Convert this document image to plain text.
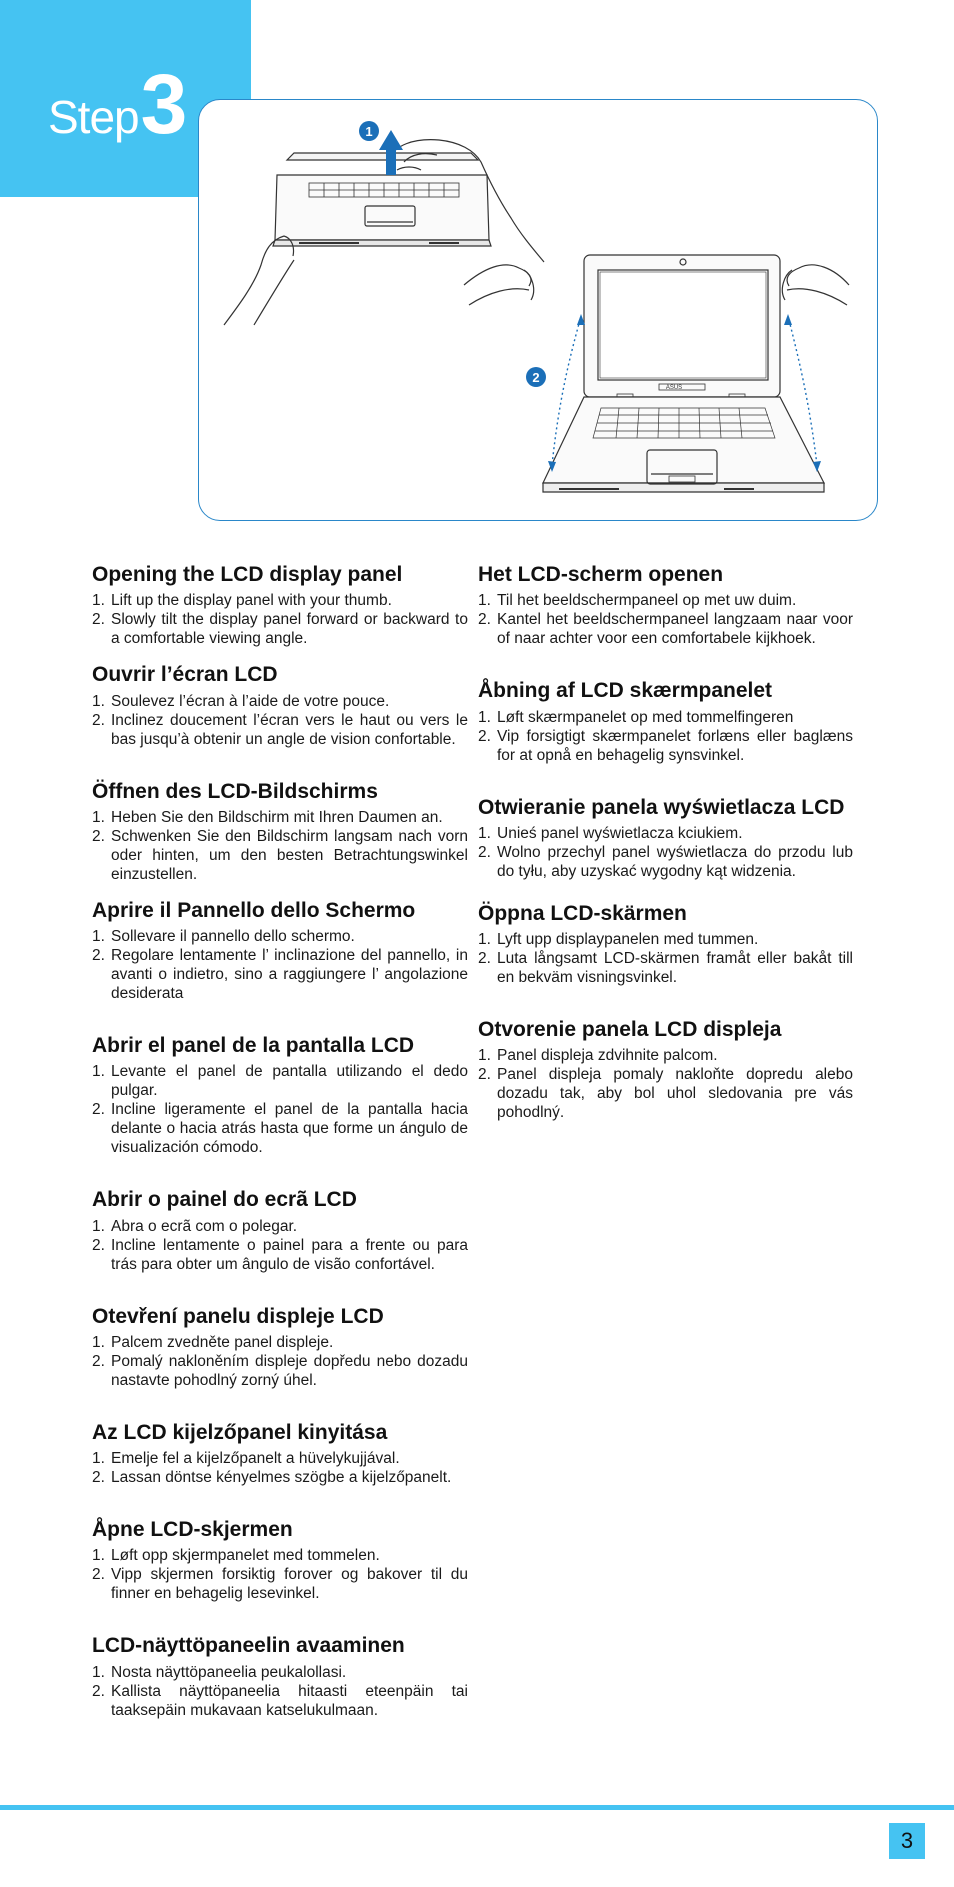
Step 3	1
ASUS
2
Opening the LCD display panel
1. Lift up the display panel with your thumb.
2. Slowly tilt the display panel forward or backward to a comfortable viewing angle.
Ouvrir l’écran LCD
1. Soulevez l’écran à l’aide de votre pouce.
2. Inclinez doucement l’écran vers le haut ou vers le bas jusqu’à obtenir un angle de vision confortable.
Öffnen des LCD-Bildschirms
1. Heben Sie den Bildschirm mit Ihren Daumen an.
2. Schwenken Sie den Bildschirm langsam nach vorn oder hinten, um den besten Betrachtungswinkel einzustellen.
Aprire il Pannello dello Schermo
1. Sollevare il pannello dello schermo.
2. Regolare lentamente l’ inclinazione del pannello, in avanti o indietro, sino a raggiungere l’ angolazione desiderata
Abrir el panel de la pantalla LCD
1. Levante el panel de pantalla utilizando el dedo pulgar.
2. Incline ligeramente el panel de la pantalla hacia delante o hacia atrás hasta que forme un ángulo de visualización cómodo.
Abrir o painel do ecrã LCD
1. Abra o ecrã com o polegar.
2. Incline lentamente o painel para a frente ou para trás para obter um ângulo de visão confortável.
Otevření panelu displeje LCD
1. Palcem zvedněte panel displeje.
2. Pomalý nakloněním displeje dopředu nebo dozadu nastavte pohodlný zorný úhel.
Az LCD kijelzőpanel kinyitása
1. Emelje fel a kijelzőpanelt a hüvelykujjával.
2. Lassan döntse kényelmes szögbe a kijelzőpanelt.
Åpne LCD-skjermen
1. Løft opp skjermpanelet med tommelen.
2. Vipp skjermen forsiktig forover og bakover til du finner en behagelig lesevinkel.
LCD-näyttöpaneelin avaaminen
1. Nosta näyttöpaneelia peukalollasi.
2. Kallista näyttöpaneelia hitaasti eteenpäin tai taaksepäin mukavaan katselukulmaan.
Het LCD-scherm openen
1. Til het beeldschermpaneel op met uw duim.
2. Kantel het beeldschermpaneel langzaam naar voor of naar achter voor een comfortabele kijkhoek.
Åbning af LCD skærmpanelet
1. Løft skærmpanelet op med tommelfingeren
2. Vip forsigtigt skærmpanelet forlæns eller baglæns for at opnå en behagelig synsvinkel.
Otwieranie panela wyświetlacza LCD
1. Unieś panel wyświetlacza kciukiem.
2. Wolno przechyl panel wyświetlacza do przodu lub do tyłu, aby uzyskać wygodny kąt widzenia.
Öppna LCD-skärmen
1. Lyft upp displaypanelen med tummen.
2. Luta långsamt LCD-skärmen framåt eller bakåt till en bekväm visningsvinkel.
Otvorenie panela LCD displeja
1. Panel displeja zdvihnite palcom.
2. Panel displeja pomaly nakloňte dopredu alebo dozadu tak, aby bol uhol sledovania pre vás pohodlný.
3
